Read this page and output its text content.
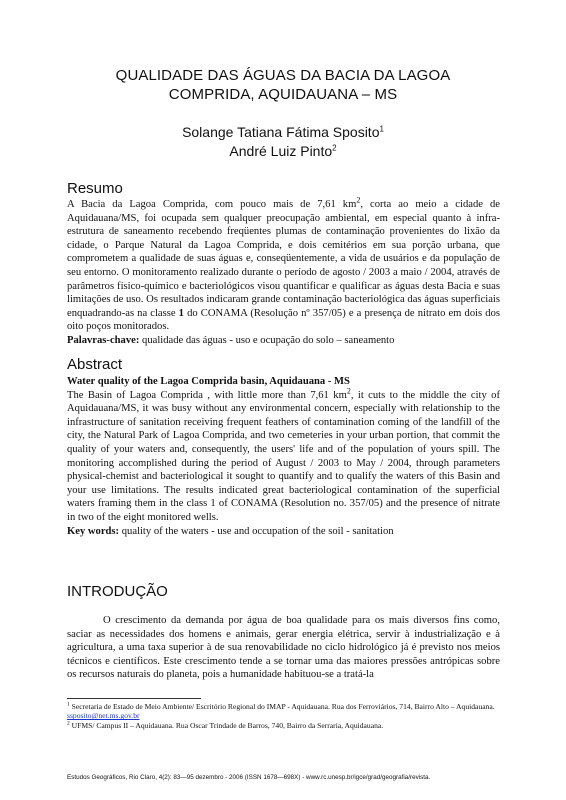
QUALIDADE DAS ÁGUAS DA BACIA DA LAGOA
COMPRIDA, AQUIDAUANA – MS
Solange Tatiana Fátima Sposito$^1$
André Luiz Pinto$^2$
Resumo

A Bacia da Lagoa Comprida, com pouco mais de 7,61 $km^2$, corta ao meio a cidade de Aquidauana/MS, foi ocupada sem qualquer preocupação ambiental, em especial quanto à infra-estrutura de saneamento recebendo freqüentes plumas de contaminação provenientes do lixão da cidade, o Parque Natural da Lagoa Comprida, e dois cemitérios em sua porção urbana, que comprometem a qualidade de suas águas e, conseqüentemente, a vida de usuários e da população de seu entorno. O monitoramento realizado durante o período de agosto / 2003 a maio / 2004, através de parâmetros físico-químico e bacteriológicos visou quantificar e qualificar as águas desta Bacia e suas limitações de uso. Os resultados indicaram grande contaminação bacteriológica das águas superficiais enquadrando-as na classe 1 do CONAMA (Resolução nº 357/05) e a presença de nitrato em dois dos oito poços monitorados.

Palavras-chave: qualidade das águas - uso e ocupação do solo – saneamento

Abstract

Water quality of the Lagoa Comprida basin, Aquidauana - MS

The Basin of Lagoa Comprida , with little more than 7,61 $km^2$, it cuts to the middle the city of Aquidauana/MS, it was busy without any environmental concern, especially with relationship to the infrastructure of sanitation receiving frequent feathers of contamination coming of the landfill of the city, the Natural Park of Lagoa Comprida, and two cemeteries in your urban portion, that commit the quality of your waters and, consequently, the users' life and of the population of yours spill. The monitoring accomplished during the period of August / 2003 to May / 2004, through parameters physical-chemist and bacteriological it sought to quantify and to qualify the waters of this Basin and your use limitations. The results indicated great bacteriological contamination of the superficial waters framing them in the class 1 of CONAMA (Resolution no. 357/05) and the presence of nitrate in two of the eight monitored wells.

Key words: quality of the waters - use and occupation of the soil - sanitation

INTRODUÇÃO

O crescimento da demanda por água de boa qualidade para os mais diversos fins como, saciar as necessidades dos homens e animais, gerar energia elétrica, servir à industrialização e à agricultura, a uma taxa superior à de sua renovabilidade no ciclo hidrológico já é previsto nos meios técnicos e científicos. Este crescimento tende a se tornar uma das maiores pressões antrópicas sobre os recursos naturais do planeta, pois a humanidade habituou-se a tratá-la

$^1$ Secretaria de Estado de Meio Ambiente/ Escritório Regional do IMAP - Aquidauana. Rua dos Ferroviários, 714, Bairro Alto – Aquidauana. ssposito@net.ms.gov.br

$^2$ UFMS/ Campus II – Aquidauana. Rua Oscar Trindade de Barros, 740, Bairro da Serraria, Aquidauana.

Estudos Geográficos, Rio Claro, 4(2): 83—95 dezembro - 2006 (ISSN 1678—698X) - www.rc.unesp.br/igce/grad/geografia/revista.
